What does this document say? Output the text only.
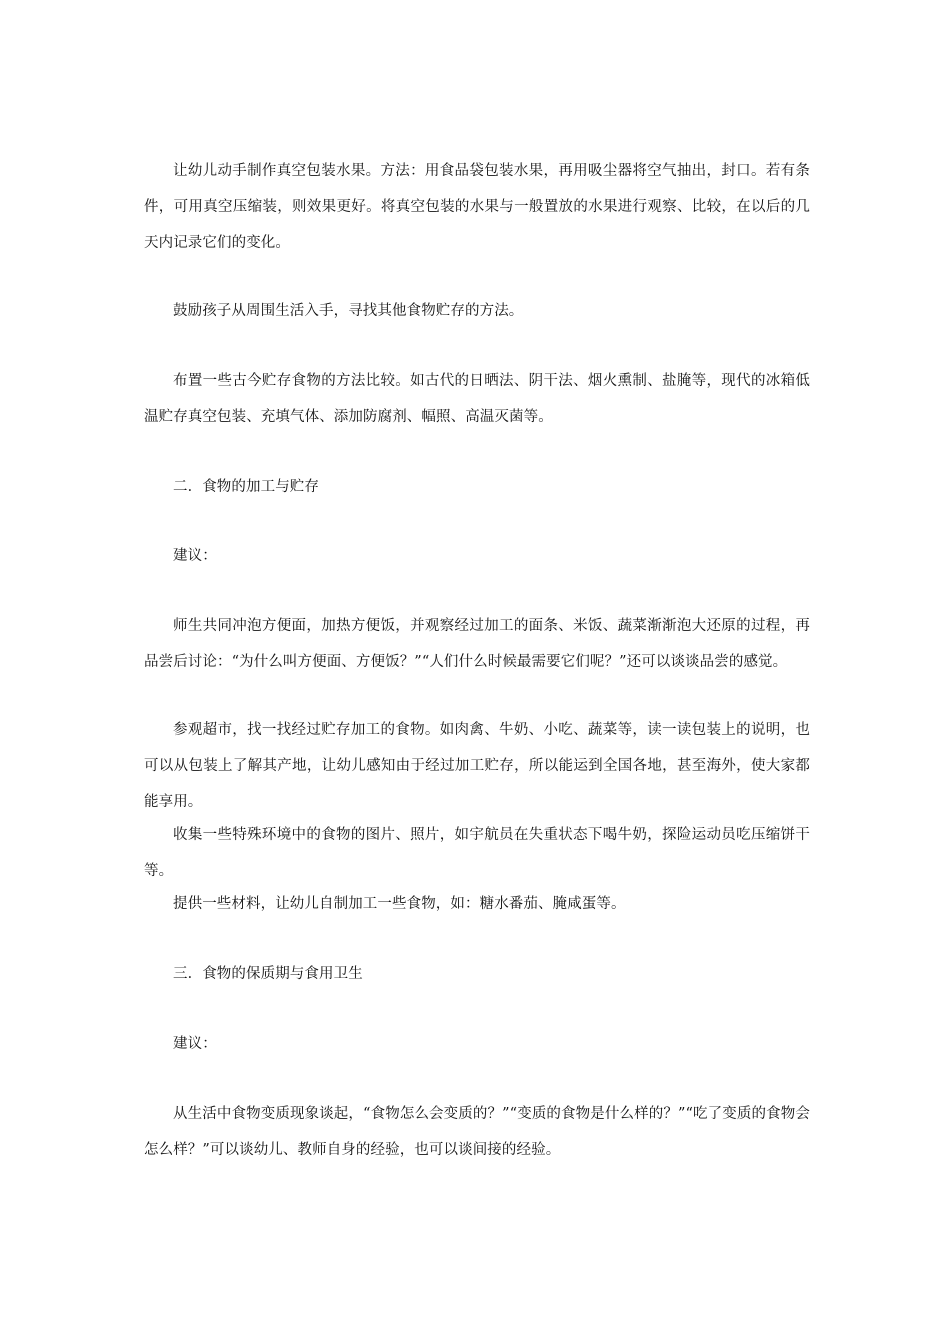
让幼儿动手制作真空包装水果。方法：用食品袋包装水果，再用吸尘器将空气抽出，封口。若有条件，可用真空压缩装，则效果更好。将真空包装的水果与一般置放的水果进行观察、比较，在以后的几天内记录它们的变化。

鼓励孩子从周围生活入手，寻找其他食物贮存的方法。

布置一些古今贮存食物的方法比较。如古代的日晒法、阴干法、烟火熏制、盐腌等，现代的冰箱低温贮存真空包装、充填气体、添加防腐剂、幅照、高温灭菌等。

二．食物的加工与贮存

建议：

师生共同冲泡方便面，加热方便饭，并观察经过加工的面条、米饭、蔬菜渐渐泡大还原的过程，再品尝后讨论：“为什么叫方便面、方便饭？”“人们什么时候最需要它们呢？”还可以谈谈品尝的感觉。

参观超市，找一找经过贮存加工的食物。如肉禽、牛奶、小吃、蔬菜等，读一读包装上的说明，也可以从包装上了解其产地，让幼儿感知由于经过加工贮存，所以能运到全国各地，甚至海外，使大家都能享用。

收集一些特殊环境中的食物的图片、照片，如宇航员在失重状态下喝牛奶，探险运动员吃压缩饼干等。

提供一些材料，让幼儿自制加工一些食物，如：糖水番茄、腌咸蛋等。

三．食物的保质期与食用卫生

建议：

从生活中食物变质现象谈起，“食物怎么会变质的？”“变质的食物是什么样的？”“吃了变质的食物会怎么样？”可以谈幼儿、教师自身的经验，也可以谈间接的经验。
